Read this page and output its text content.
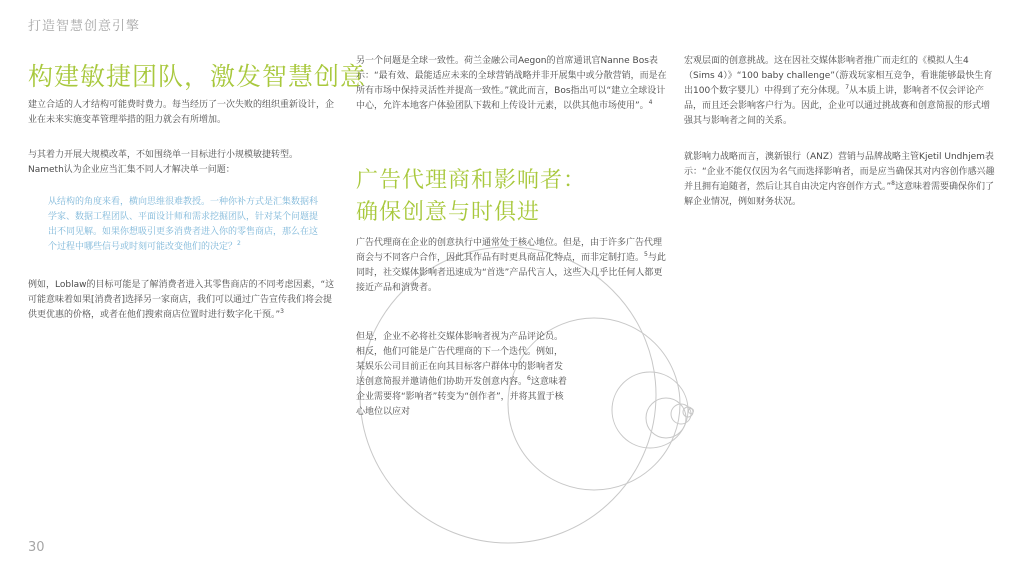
打造智慧创意引擎
构建敏捷团队，激发智慧创意

建立合适的人才结构可能费时费力。每当经历了一次失败的组织重新设计，企业在未来实施变革管理举措的阻力就会有所增加。

与其着力开展大规模改革，不如围绕单一目标进行小规模敏捷转型。Nameth认为企业应当汇集不同人才解决单一问题：

从结构的角度来看，横向思维很难教授。一种你补方式是汇集数据科学家、数据工程团队、平面设计师和需求挖掘团队，针对某个问题提出不同见解。如果你想吸引更多消费者进入你的零售商店，那么在这个过程中哪些信号或时刻可能改变他们的决定？$^2$

例如，Loblaw的目标可能是了解消费者进入其零售商店的不同考虑因素，“这可能意味着如果[消费者]选择另一家商店，我们可以通过广告宣传我们将会提供更优惠的价格，或者在他们搜索商店位置时进行数字化干预。”$^3$

另一个问题是全球一致性。荷兰金融公司Aegon的首席通讯官Nanne Bos表示：“最有效、最能适应未来的全球营销战略并非开展集中或分散营销，而是在所有市场中保持灵活性并提高一致性。”就此而言，Bos指出可以“建立全球设计中心，允许本地客户体验团队下载和上传设计元素，以供其他市场使用”。$^4$

广告代理商和影响者：
确保创意与时俱进

广告代理商在企业的创意执行中通常处于核心地位。但是，由于许多广告代理商会与不同客户合作，因此其作品有时更具商品化特点，而非定制打造。$^5$与此同时，社交媒体影响者迅速成为“首选”产品代言人，这些人几乎比任何人都更接近产品和消费者。

但是，企业不必将社交媒体影响者视为产品评论员。相反，他们可能是广告代理商的下一个迭代。例如，某娱乐公司目前正在向其目标客户群体中的影响者发送创意简报并邀请他们协助开发创意内容。$^6$这意味着企业需要将“影响者”转变为“创作者”，并将其置于核心地位以应对

宏观层面的创意挑战。这在因社交媒体影响者推广而走红的《模拟人生4（Sims 4）》“100 baby challenge”（游戏玩家相互竞争，看谁能够最快生育出100个数字婴儿）中得到了充分体现。$^7$从本质上讲，影响者不仅会评论产品，而且还会影响客户行为。因此，企业可以通过挑战赛和创意简报的形式增强其与影响者之间的关系。

就影响力战略而言，澳新银行（ANZ）营销与品牌战略主管Kjetil Undhjem表示：“企业不能仅仅因为名气而选择影响者，而是应当确保其对内容创作感兴趣并且拥有追随者，然后让其自由决定内容创作方式。”$^8$这意味着需要确保你们了解企业情况，例如财务状况。

30
